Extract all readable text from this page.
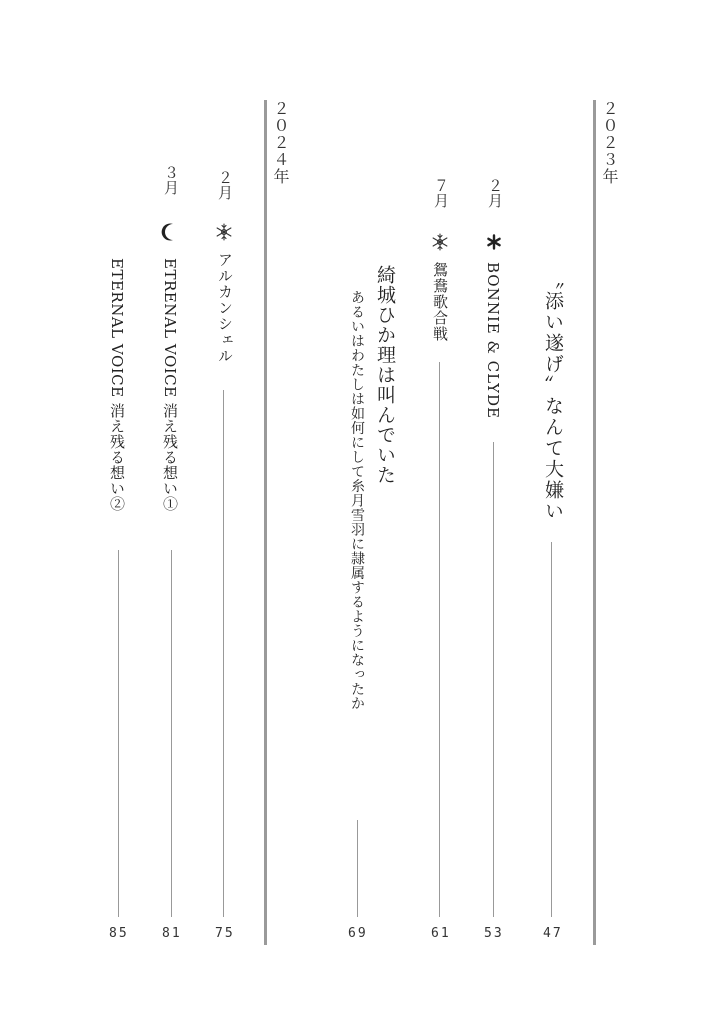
２０２３年
〝添い遂げ〟なんて大嫌い
47
２月
BONNIE & CLYDE
53
７月
鴛鴦歌合戦
61
綺城ひか理は叫んでいた
あるいはわたしは如何にして糸月雪羽に隷属するようになったか
69
２０２４年
２月
アルカンシェル
75
３月
ETRENAL VOICE 消え残る想い①
81
ETERNAL VOICE 消え残る想い②
85
